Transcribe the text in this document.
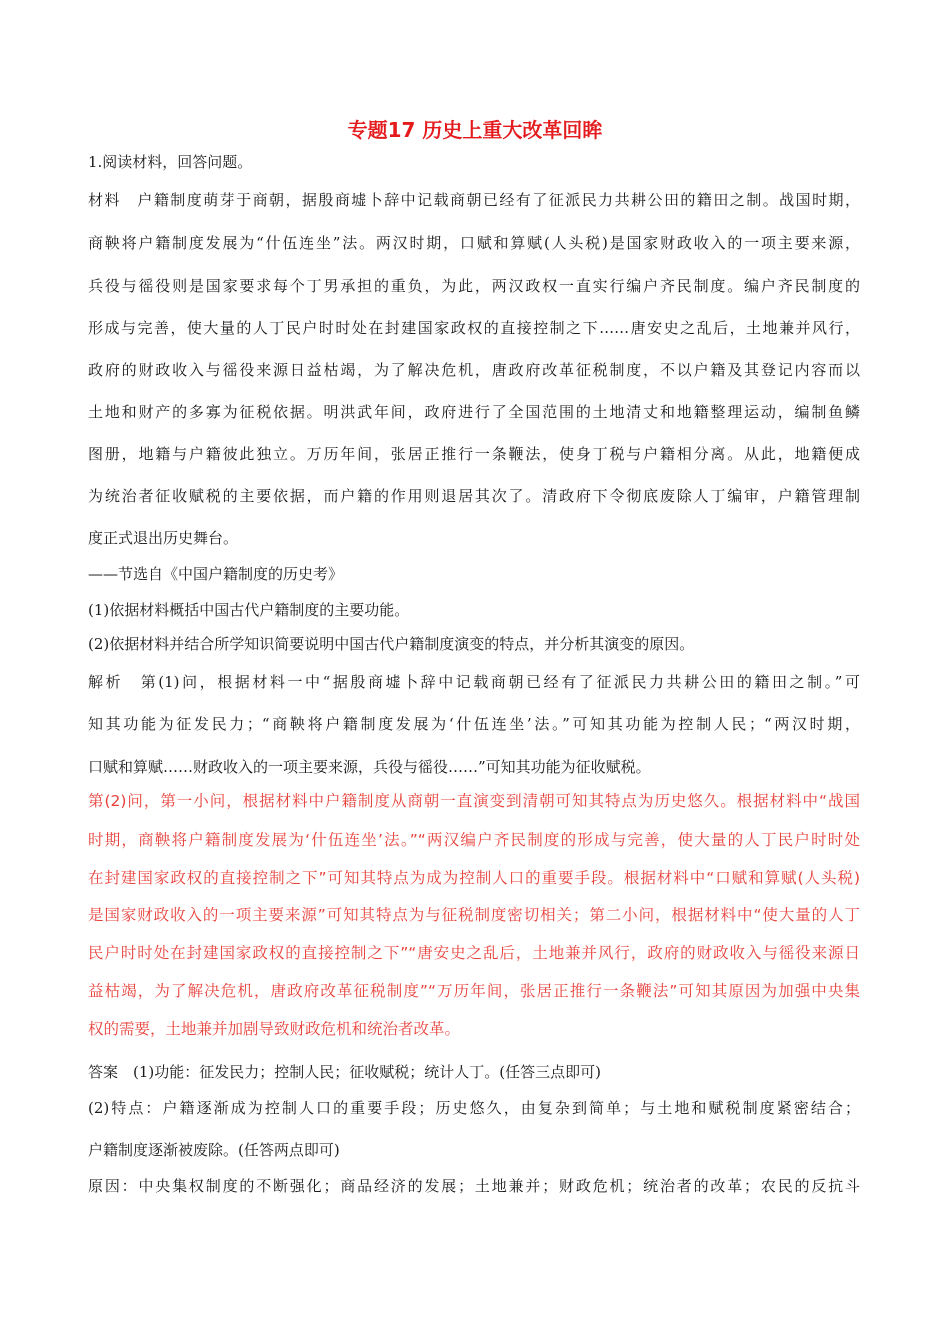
专题17 历史上重大改革回眸
1.阅读材料，回答问题。
材料　户籍制度萌芽于商朝，据殷商墟卜辞中记载商朝已经有了征派民力共耕公田的籍田之制。战国时期，
商鞅将户籍制度发展为“什伍连坐”法。两汉时期，口赋和算赋(人头税)是国家财政收入的一项主要来源，
兵役与徭役则是国家要求每个丁男承担的重负，为此，两汉政权一直实行编户齐民制度。编户齐民制度的
形成与完善，使大量的人丁民户时时处在封建国家政权的直接控制之下……唐安史之乱后，土地兼并风行，
政府的财政收入与徭役来源日益枯竭，为了解决危机，唐政府改革征税制度，不以户籍及其登记内容而以
土地和财产的多寡为征税依据。明洪武年间，政府进行了全国范围的土地清丈和地籍整理运动，编制鱼鳞
图册，地籍与户籍彼此独立。万历年间，张居正推行一条鞭法，使身丁税与户籍相分离。从此，地籍便成
为统治者征收赋税的主要依据，而户籍的作用则退居其次了。清政府下令彻底废除人丁编审，户籍管理制
度正式退出历史舞台。
——节选自《中国户籍制度的历史考》
(1)依据材料概括中国古代户籍制度的主要功能。
(2)依据材料并结合所学知识简要说明中国古代户籍制度演变的特点，并分析其演变的原因。
解析　第(1)问，根据材料一中“据殷商墟卜辞中记载商朝已经有了征派民力共耕公田的籍田之制。”可
知其功能为征发民力；“商鞅将户籍制度发展为‘什伍连坐’法。”可知其功能为控制人民；“两汉时期，
口赋和算赋……财政收入的一项主要来源，兵役与徭役……”可知其功能为征收赋税。
第(2)问，第一小问，根据材料中户籍制度从商朝一直演变到清朝可知其特点为历史悠久。根据材料中“战国
时期，商鞅将户籍制度发展为‘什伍连坐’法。”“两汉编户齐民制度的形成与完善，使大量的人丁民户时时处
在封建国家政权的直接控制之下”可知其特点为成为控制人口的重要手段。根据材料中“口赋和算赋(人头税)
是国家财政收入的一项主要来源”可知其特点为与征税制度密切相关；第二小问，根据材料中“使大量的人丁
民户时时处在封建国家政权的直接控制之下”“唐安史之乱后，土地兼并风行，政府的财政收入与徭役来源日
益枯竭，为了解决危机，唐政府改革征税制度”“万历年间，张居正推行一条鞭法”可知其原因为加强中央集
权的需要，土地兼并加剧导致财政危机和统治者改革。
答案　(1)功能：征发民力；控制人民；征收赋税；统计人丁。(任答三点即可)
(2)特点：户籍逐渐成为控制人口的重要手段；历史悠久，由复杂到简单；与土地和赋税制度紧密结合；
户籍制度逐渐被废除。(任答两点即可)
原因：中央集权制度的不断强化；商品经济的发展；土地兼并；财政危机；统治者的改革；农民的反抗斗
